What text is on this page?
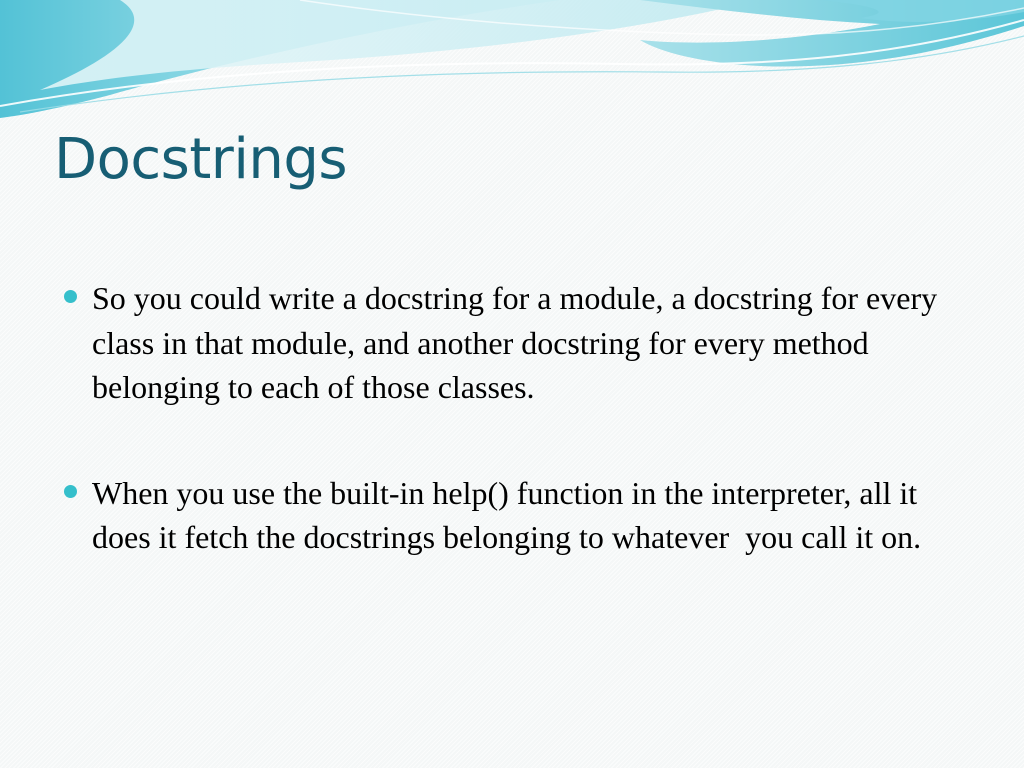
Docstrings
So you could write a docstring for a module, a docstring for every class in that module, and another docstring for every method belonging to each of those classes.
When you use the built-in help() function in the interpreter, all it does it fetch the docstrings belonging to whatever  you call it on.
